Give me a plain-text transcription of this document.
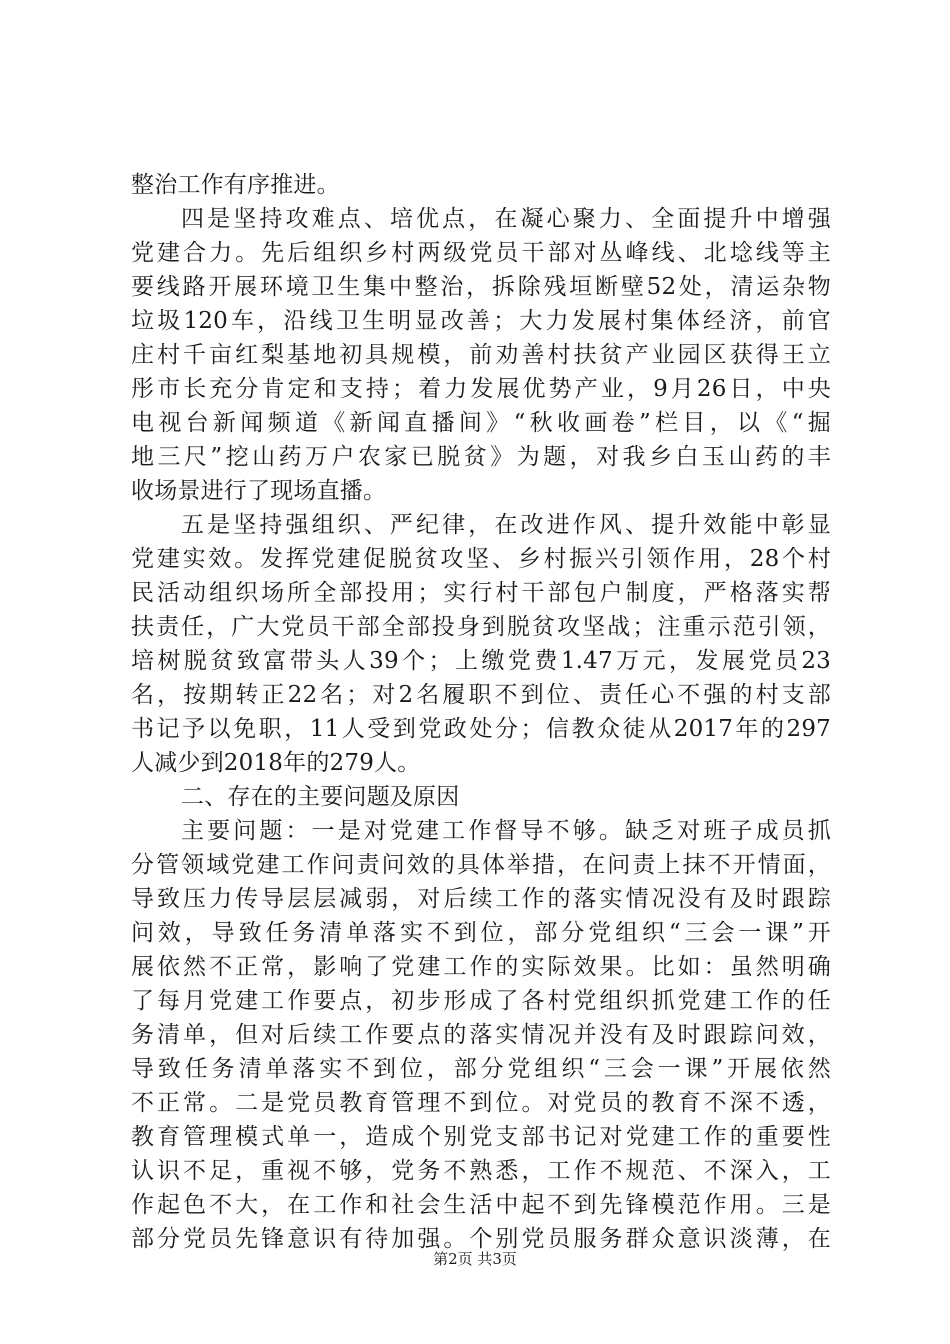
整治工作有序推进。
四是坚持攻难点、培优点，在凝心聚力、全面提升中增强
党建合力。先后组织乡村两级党员干部对丛峰线、北埝线等主
要线路开展环境卫生集中整治，拆除残垣断壁52处，清运杂物
垃圾120车，沿线卫生明显改善；大力发展村集体经济，前官
庄村千亩红梨基地初具规模，前劝善村扶贫产业园区获得王立
彤市长充分肯定和支持；着力发展优势产业，9月26日，中央
电视台新闻频道《新闻直播间》“秋收画卷”栏目，以《“掘
地三尺”挖山药万户农家已脱贫》为题，对我乡白玉山药的丰
收场景进行了现场直播。
五是坚持强组织、严纪律，在改进作风、提升效能中彰显
党建实效。发挥党建促脱贫攻坚、乡村振兴引领作用，28个村
民活动组织场所全部投用；实行村干部包户制度，严格落实帮
扶责任，广大党员干部全部投身到脱贫攻坚战；注重示范引领，
培树脱贫致富带头人39个；上缴党费1.47万元，发展党员23
名，按期转正22名；对2名履职不到位、责任心不强的村支部
书记予以免职，11人受到党政处分；信教众徒从2017年的297
人减少到2018年的279人。
二、存在的主要问题及原因
主要问题：一是对党建工作督导不够。缺乏对班子成员抓
分管领域党建工作问责问效的具体举措，在问责上抹不开情面，
导致压力传导层层减弱，对后续工作的落实情况没有及时跟踪
问效，导致任务清单落实不到位，部分党组织“三会一课”开
展依然不正常，影响了党建工作的实际效果。比如：虽然明确
了每月党建工作要点，初步形成了各村党组织抓党建工作的任
务清单，但对后续工作要点的落实情况并没有及时跟踪问效，
导致任务清单落实不到位，部分党组织“三会一课”开展依然
不正常。二是党员教育管理不到位。对党员的教育不深不透，
教育管理模式单一，造成个别党支部书记对党建工作的重要性
认识不足，重视不够，党务不熟悉，工作不规范、不深入，工
作起色不大，在工作和社会生活中起不到先锋模范作用。三是
部分党员先锋意识有待加强。个别党员服务群众意识淡薄，在
第2页 共3页
